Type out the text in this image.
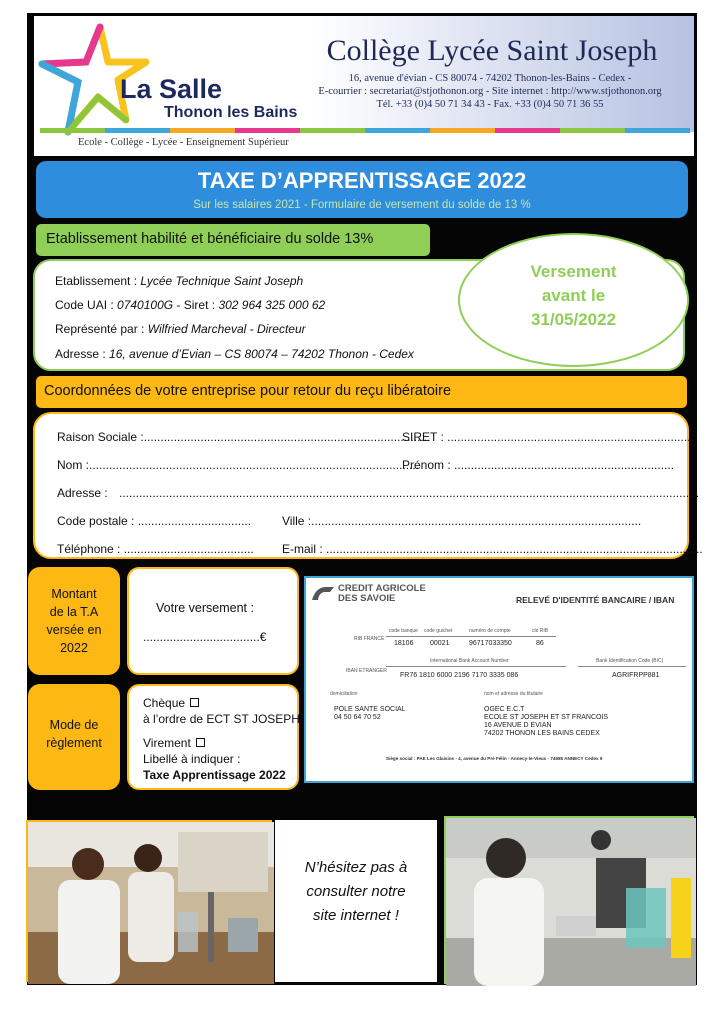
La Salle
Thonon les Bains
Collège Lycée Saint Joseph
16, avenue d'évian - CS 80074 - 74202 Thonon-les-Bains - Cedex -
E-courrier : secretariat@stjothonon.org - Site internet : http://www.stjothonon.org
Tél. +33 (0)4 50 71 34 43 - Fax. +33 (0)4 50 71 36 55
Ecole - Collège - Lycée - Enseignement Supérieur
TAXE D’APPRENTISSAGE 2022
Sur les salaires 2021 - Formulaire de versement du solde de 13 %
Etablissement habilité et bénéficiaire du solde 13%
Etablissement : Lycée Technique Saint Joseph
Code UAI : 0740100G - Siret : 302 964 325 000 62
Représenté par : Wilfried Marcheval - Directeur
Adresse : 16, avenue d’Evian – CS 80074 – 74202 Thonon - Cedex
Versement
avant le
31/05/2022
Coordonnées de votre entreprise pour retour du reçu libératoire
Raison Sociale :......................................................................................
SIRET : ..........................................................................
Nom :...................................................................................................
Prénom : ..................................................................
Adresse : ..............................................................................................................................................................................
Code postale : ..................................	Ville :...................................................................................................
Téléphone : .......................................	E-mail : .................................................................................................................
Montant
de la T.A
versée en
2022
Votre versement :
...................................€
Mode de
règlement
Chèque
à l’ordre de ECT ST JOSEPH
Virement
Libellé à indiquer :
Taxe Apprentissage 2022
CREDIT AGRICOLE
DES SAVOIE	RELEVÉ D'IDENTITÉ BANCAIRE / IBAN
code banque code guichet	numéro de compte	clé RIB
RIB FRANCE
18106 00021	96717033350	86
International Bank Account Number	Bank Identification Code (BIC)
IBAN ETRANGER
FR76 1810 6000 2196 7170 3335 086	AGRIFRPP881
domiciliation	nom et adresse du titulaire
POLE SANTE SOCIAL
04 50 64 70 52
OGEC E.C.T
ECOLE ST JOSEPH ET ST FRANCOIS
16 AVENUE D EVIAN
74202 THONON LES BAINS CEDEX
Siège social : PAE Les Glaisins - 4, avenue du Pré Félin - Annecy-le-Vieux - 74985 ANNECY Cedex 9
N’hésitez pas à
consulter notre
site internet !
